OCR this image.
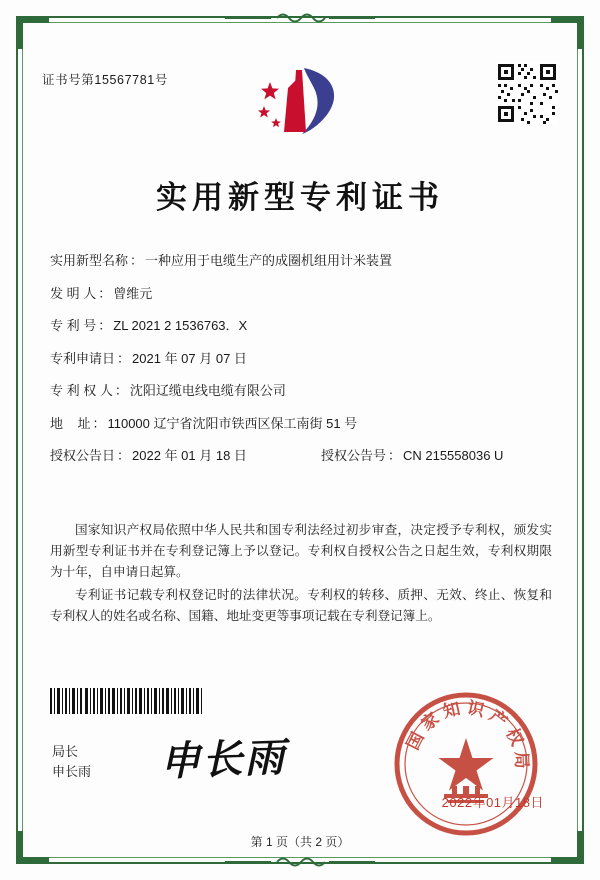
证书号第15567781号
实用新型专利证书
实用新型名称 ： 一种应用于电缆生产的成圈机组用计米装置
发 明 人 ： 曾维元
专 利 号 ： ZL 2021 2 1536763．X
专利申请日 ： 2021 年 07 月 07 日
专 利 权 人 ： 沈阳辽缆电线电缆有限公司
地    址 ： 110000 辽宁省沈阳市铁西区保工南街 51 号
授权公告日 ： 2022 年 01 月 18 日	授权公告号 ： CN 215558036 U

国家知识产权局依照中华人民共和国专利法经过初步审查，决定授予专利权，颁发实用新型专利证书并在专利登记簿上予以登记。专利权自授权公告之日起生效，专利权期限为十年，自申请日起算。

专利证书记载专利权登记时的法律状况。专利权的转移、质押、无效、终止、恢复和专利权人的姓名或名称、国籍、地址变更等事项记载在专利登记簿上。

局长
申长雨 申长雨	国家知识产权局
2022年01月18日
第 1 页（共 2 页）
